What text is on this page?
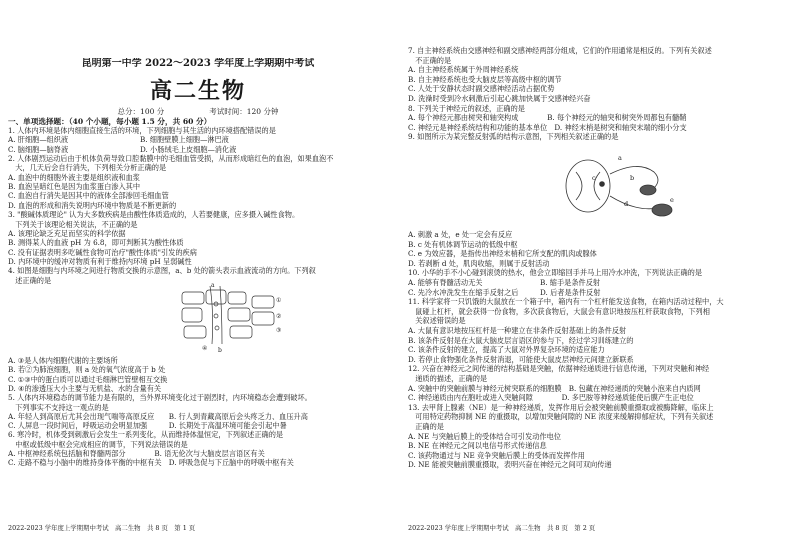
昆明第一中学 2022～2023 学年度上学期期中考试
高二生物
总分：100 分　　　　　　考试时间：120 分钟
一、单项选择题：（40 个小题，每小题 1.5 分，共 60 分）
1. 人体内环境是体内细胞直接生活的环境，下列细胞与其生活的内环境搭配错误的是
A. 肝细胞—组织液　　　　　　　　　　B. 细胞壁膜上细胞—淋巴液
C. 脑细胞—脑脊液　　　　　　　　　　D. 小肠绒毛上皮细胞—消化液
2. 人体剧烈运动后由于机体负荷导致口腔黏膜中的毛细血管受损，从而形成暗红色的血泡，如果血泡不
　大，几天后会自行消失，下列相关分析正确的是
A. 血泡中的细胞外液主要是组织液和血浆
B. 血泡呈暗红色是因为血浆蛋白渗入其中
C. 血泡自行消失是因其中的液体全部渗回毛细血管
D. 血泡的形成和消失说明内环境中物质是不断更新的
3. "酸碱体质理论" 认为大多数疾病是由酸性体质造成的，人若要健康，应多摄入碱性食物。
　下列关于该理论相关说法，不正确的是
A. 该理论缺乏充足而坚实的科学依据
B. 测得某人的血液 pH 为 6.8，即可判断其为酸性体质
C. 没有证据表明多吃碱性食物可治疗"酸性体质"引发的疾病
D. 内环境中的缓冲对物质有利于维持内环境 pH 呈弱碱性
4. 如图是细胞与内环境之间进行物质交换的示意图，a、b 处的箭头表示血液流动的方向。下列叙
　述正确的是
a
b
①
②
③
④
A. ③是人体内细胞代谢的主要场所
B. 若②为肺泡细胞，则 a 处的氧气浓度高于 b 处
C. ①③中的蛋白质可以通过毛细淋巴管壁相互交换
D. ④的渗透压大小主要与无机盐、水的含量有关
5. 人体内环境稳态的调节能力是有限的，当外界环境变化过于剧烈时，内环境稳态会遭到破坏。
　下列事实不支持这一观点的是
A. 年轻人到高原后尤其会出现气喘等高原反应　　B. 行人到青藏高原后会头疼乏力、血压升高
C. 人屏息一段时间后，呼吸运动会明显加强　　　D. 长期处于高温环境可能会引起中暑
6. 寒冷时，机体受到刺激后会发生一系列变化，从而维持体温恒定，下列叙述正确的是
　中枢或低级中枢会完成相应的调节，下列说法错误的是
A. 中枢神经系统包括脑和脊髓两部分　　　　B. 语无伦次与大脑皮层言语区有关
C. 走路不稳与小脑中的维持身体平衡的中枢有关　D. 呼吸急促与下丘脑中的呼吸中枢有关
2022-2023 学年度上学期期中考试　高二生物　共 8 页　第 1 页
7. 自主神经系统由交感神经和副交感神经两部分组成，它们的作用通常是相反的。下列有关叙述
　不正确的是
A. 自主神经系统属于外周神经系统
B. 自主神经系统也受大脑皮层等高级中枢的调节
C. 人处于安静状态时副交感神经活动占据优势
D. 洗澡时受到冷水刺激后引起心跳加快属于交感神经兴奋
8. 下列关于神经元的叙述，正确的是
A. 每个神经元都由树突和轴突构成　　　　B. 每个神经元的轴突和树突外周都包有髓鞘
C. 神经元是神经系统结构和功能的基本单位　D. 神经末梢是树突和轴突末端的细小分支
9. 如图所示为某完整反射弧的结构示意图，下列相关叙述正确的是
a
b
c
d	e
A. 刺激 a 处，e 处一定会有反应
B. c 处有机体调节运动的低级中枢
C. e 为效应器，是指传出神经末梢和它所支配的肌肉或腺体
D. 若剥断 d 处，肌肉收缩，则属于反射活动
10. 小华的手不小心碰到滚烫的热水，他会立即缩回手并马上用冷水冲洗，下列说法正确的是
A. 能够有脊髓活动无关　　　　　　　　B. 缩手是条件反射
C. 先冷水冲洗发生在缩手反射之后　　　D. 后者是条件反射
11. 科学家将一只饥饿的大鼠放在一个箱子中，箱内有一个杠杆能发送食物，在箱内活动过程中，大
　鼠碰上杠杆，就会获得一份食物，多次获食物后，大鼠会有意识地按压杠杆获取食物，下列相
　关叙述错误的是
A. 大鼠有意识地按压杠杆是一种建立在非条件反射基础上的条件反射
B. 该条件反射是在大鼠大脑皮层言语区的参与下，经过学习训练建立的
C. 该条件反射的建立，提高了大鼠对外界复杂环境的适应能力
D. 若停止食物强化条件反射消退，可能使大鼠皮层神经元间建立新联系
12. 兴奋在神经元之间传递的结构基础是突触，依据神经递质进行信息传递，下列对突触和神经
　递质的描述，正确的是
A. 突触中的突触前膜与神经元树突联系的细胞膜　B. 包藏在神经递质的突触小泡来自内质网
C. 神经递质由内在胞吐或进入突触间隙　　　　D. 多巴胺等神经递质能使后膜产生正电位
13. 去甲肾上腺素（NE）是一种神经递质，发挥作用后会被突触前膜重摄取或被酶降解，临床上
　可用特定药物抑制 NE 的重摄取，以增加突触间隙的 NE 浓度来缓解抑郁症状，下列有关叙述
　正确的是
A. NE 与突触后膜上的受体结合可引发动作电位
B. NE 在神经元之间以电信号形式传递信息
C. 该药物通过与 NE 竞争突触后膜上的受体而发挥作用
D. NE 能被突触前膜重摄取，表明兴奋在神经元之间可双向传递
2022-2023 学年度上学期期中考试　高二生物　共 8 页　第 2 页
